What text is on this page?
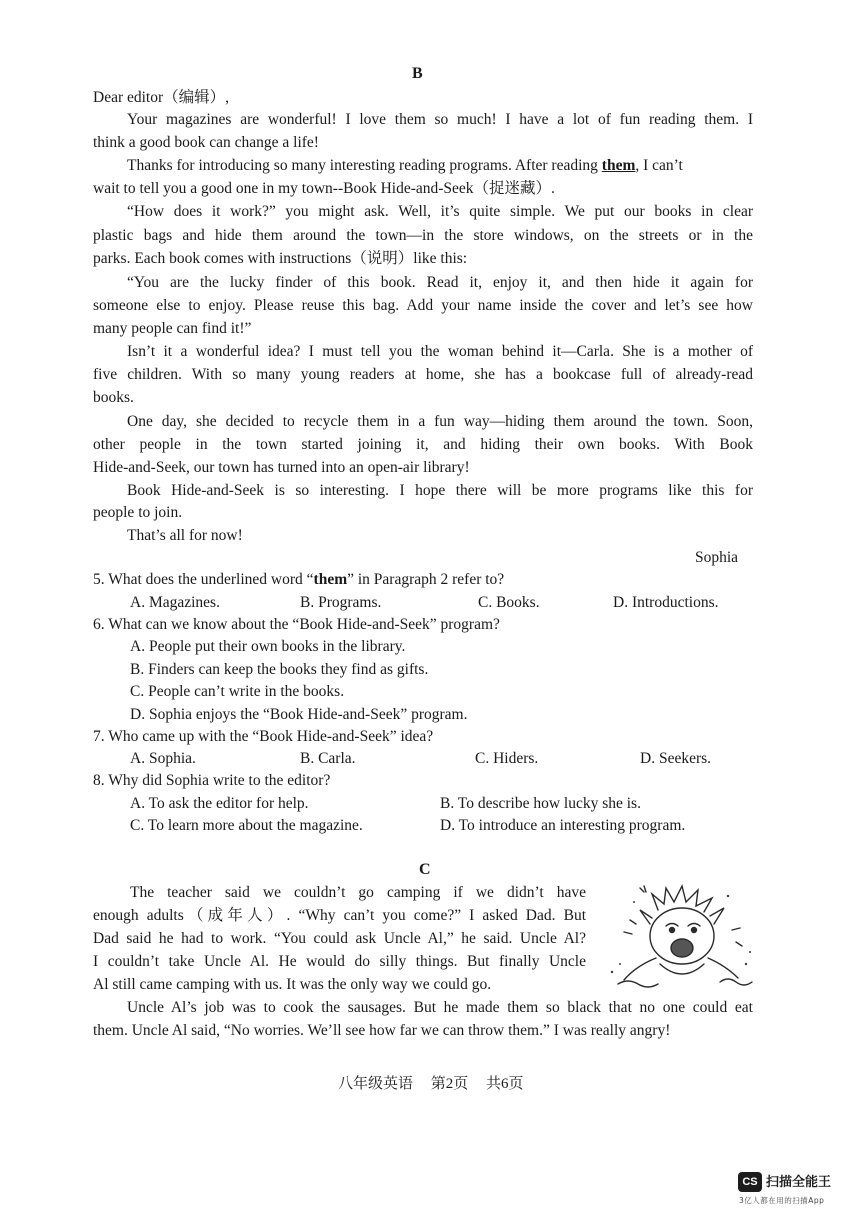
B
Dear editor（编辑）,
Your magazines are wonderful! I love them so much! I have a lot of fun reading them. I
think a good book can change a life!
Thanks for introducing so many interesting reading programs. After reading them, I can’t
wait to tell you a good one in my town--Book Hide-and-Seek（捉迷藏）.
“How does it work?” you might ask. Well, it’s quite simple. We put our books in clear
plastic bags and hide them around the town—in the store windows, on the streets or in the
parks. Each book comes with instructions（说明）like this:
“You are the lucky finder of this book. Read it, enjoy it, and then hide it again for
someone else to enjoy. Please reuse this bag. Add your name inside the cover and let’s see how
many people can find it!”
Isn’t it a wonderful idea? I must tell you the woman behind it—Carla. She is a mother of
five children. With so many young readers at home, she has a bookcase full of already-read
books.
One day, she decided to recycle them in a fun way—hiding them around the town. Soon,
other people in the town started joining it, and hiding their own books. With Book
Hide-and-Seek, our town has turned into an open-air library!
Book Hide-and-Seek is so interesting. I hope there will be more programs like this for
people to join.
That’s all for now!
Sophia
5. What does the underlined word “them” in Paragraph 2 refer to?
A. Magazines.	B. Programs.	C. Books.	D. Introductions.
6. What can we know about the “Book Hide-and-Seek” program?
A. People put their own books in the library.
B. Finders can keep the books they find as gifts.
C. People can’t write in the books.
D. Sophia enjoys the “Book Hide-and-Seek” program.
7. Who came up with the “Book Hide-and-Seek” idea?
A. Sophia.	B. Carla.	C. Hiders.	D. Seekers.
8. Why did Sophia write to the editor?
A. To ask the editor for help.	B. To describe how lucky she is.
C. To learn more about the magazine.	D. To introduce an interesting program.
C
The teacher said we couldn’t go camping if we didn’t have
enough adults（成年人）. “Why can’t you come?” I asked Dad. But
Dad said he had to work. “You could ask Uncle Al,” he said. Uncle Al?
I couldn’t take Uncle Al. He would do silly things. But finally Uncle
Al still came camping with us. It was the only way we could go.
Uncle Al’s job was to cook the sausages. But he made them so black that no one could eat
them. Uncle Al said, “No worries. We’ll see how far we can throw them.” I was really angry!
八年级英语 第2页 共6页
CS 扫描全能王
3亿人都在用的扫描App
